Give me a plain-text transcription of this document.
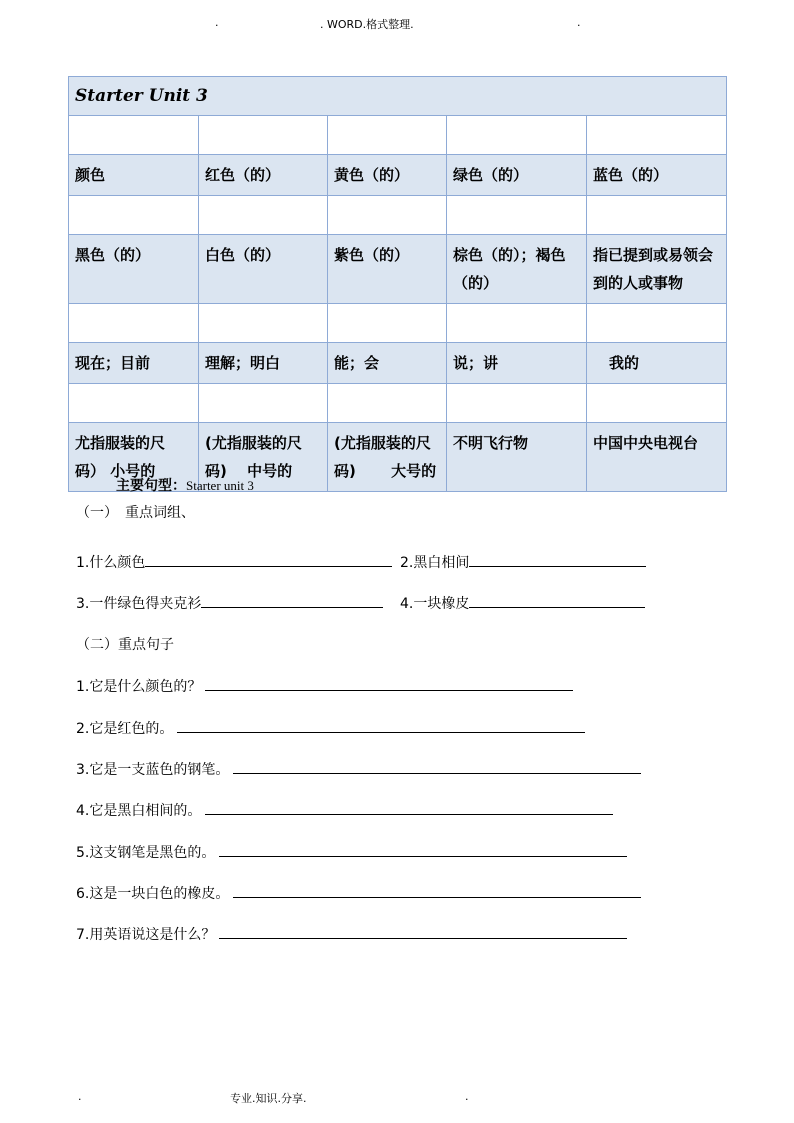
.	. WORD.格式整理.	.
Starter Unit 3				

颜色	红色（的）	黄色（的）	绿色（的）	蓝色（的）

黑色（的）	白色（的）	紫色（的）	棕色（的）；褐色（的）	指已提到或易领会到的人或事物

现在；目前	理解；明白	能；会	说；讲	我的

尤指服装的尺码） 小号的	(尤指服装的尺码)　 中号的	(尤指服装的尺码)　　 大号的	不明飞行物	中国中央电视台
主要句型：Starter unit 3
（一）　重点词组、
1.什么颜色	2.黑白相间
3.一件绿色得夹克衫	4.一块橡皮
（二）重点句子
1.它是什么颜色的？
2.它是红色的。
3.它是一支蓝色的钢笔。
4.它是黑白相间的。
5.这支钢笔是黑色的。
6.这是一块白色的橡皮。
7.用英语说这是什么？
.	专业.知识.分享.	.
